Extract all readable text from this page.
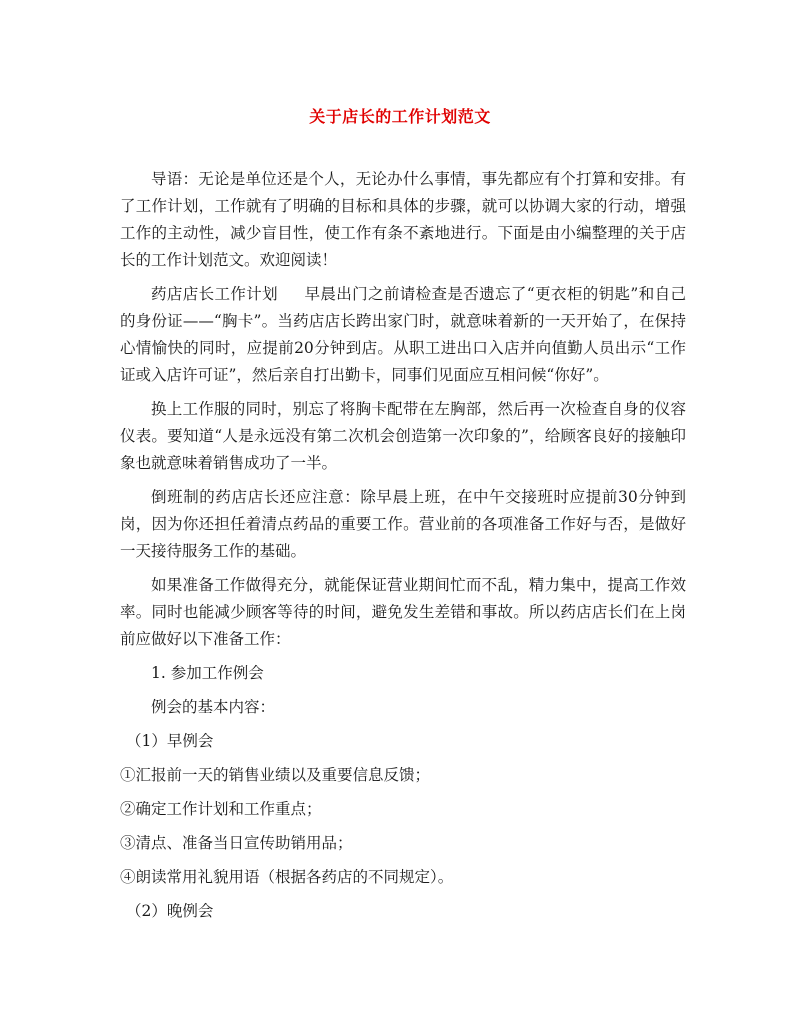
关于店长的工作计划范文

导语：无论是单位还是个人，无论办什么事情，事先都应有个打算和安排。有了工作计划，工作就有了明确的目标和具体的步骤，就可以协调大家的行动，增强工作的主动性，减少盲目性，使工作有条不紊地进行。下面是由小编整理的关于店长的工作计划范文。欢迎阅读！

药店店长工作计划 早晨出门之前请检查是否遗忘了“更衣柜的钥匙”和自己的身份证——“胸卡”。当药店店长跨出家门时，就意味着新的一天开始了，在保持心情愉快的同时，应提前20分钟到店。从职工进出口入店并向值勤人员出示“工作证或入店许可证”，然后亲自打出勤卡，同事们见面应互相问候“你好”。

换上工作服的同时，别忘了将胸卡配带在左胸部，然后再一次检查自身的仪容仪表。要知道“人是永远没有第二次机会创造第一次印象的”，给顾客良好的接触印象也就意味着销售成功了一半。

倒班制的药店店长还应注意：除早晨上班，在中午交接班时应提前30分钟到岗，因为你还担任着清点药品的重要工作。营业前的各项准备工作好与否，是做好一天接待服务工作的基础。

如果准备工作做得充分，就能保证营业期间忙而不乱，精力集中，提高工作效率。同时也能减少顾客等待的时间，避免发生差错和事故。所以药店店长们在上岗前应做好以下准备工作：

1. 参加工作例会

例会的基本内容：

（1）早例会

①汇报前一天的销售业绩以及重要信息反馈；

②确定工作计划和工作重点；

③清点、准备当日宣传助销用品；

④朗读常用礼貌用语（根据各药店的不同规定）。

（2）晚例会
